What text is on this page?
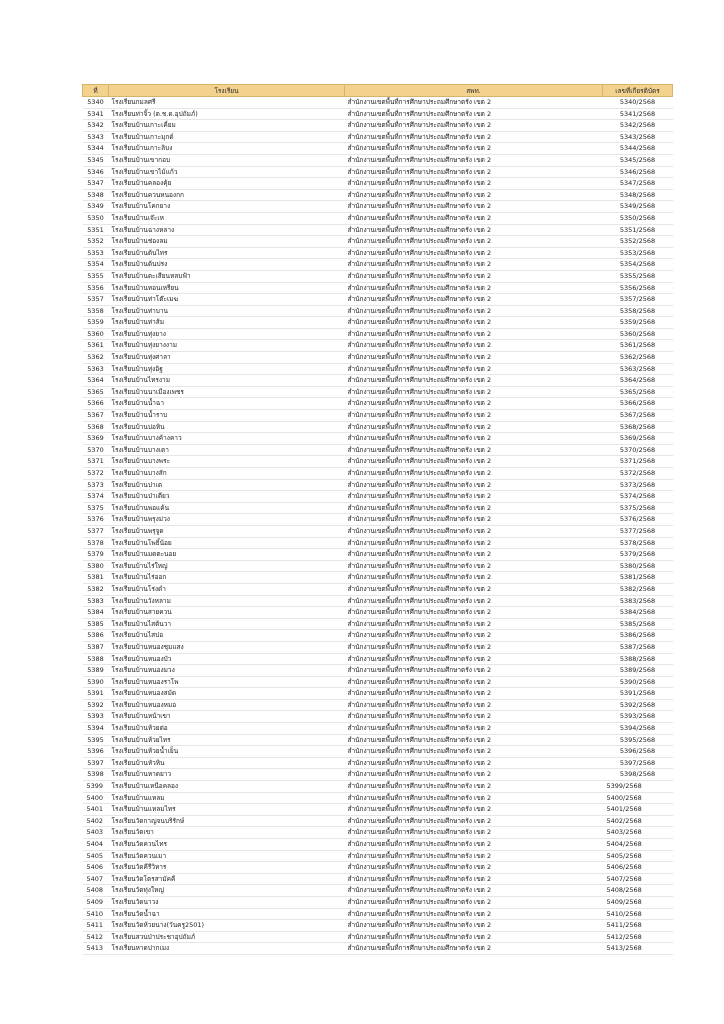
ที่	โรงเรียน	สพท.	เลขที่เกียรติบัตร
5340	โรงเรียนกมลศรี	สำนักงานเขตพื้นที่การศึกษาประถมศึกษาตรัง เขต 2	5340/2568
5341	โรงเรียนท่าจิ้ว (ต.ช.ด.อุปถัมภ์)	สำนักงานเขตพื้นที่การศึกษาประถมศึกษาตรัง เขต 2	5341/2568
5342	โรงเรียนบ้านเกาะเคี่ยม	สำนักงานเขตพื้นที่การศึกษาประถมศึกษาตรัง เขต 2	5342/2568
5343	โรงเรียนบ้านเกาะมุกด์	สำนักงานเขตพื้นที่การศึกษาประถมศึกษาตรัง เขต 2	5343/2568
5344	โรงเรียนบ้านเกาะลิบง	สำนักงานเขตพื้นที่การศึกษาประถมศึกษาตรัง เขต 2	5344/2568
5345	โรงเรียนบ้านเขากอบ	สำนักงานเขตพื้นที่การศึกษาประถมศึกษาตรัง เขต 2	5345/2568
5346	โรงเรียนบ้านเขาไม้แก้ว	สำนักงานเขตพื้นที่การศึกษาประถมศึกษาตรัง เขต 2	5346/2568
5347	โรงเรียนบ้านคลองคุ้ย	สำนักงานเขตพื้นที่การศึกษาประถมศึกษาตรัง เขต 2	5347/2568
5348	โรงเรียนบ้านควนหนองกก	สำนักงานเขตพื้นที่การศึกษาประถมศึกษาตรัง เขต 2	5348/2568
5349	โรงเรียนบ้านโคกยาง	สำนักงานเขตพื้นที่การศึกษาประถมศึกษาตรัง เขต 2	5349/2568
5350	โรงเรียนบ้านเจ๊ะเห	สำนักงานเขตพื้นที่การศึกษาประถมศึกษาตรัง เขต 2	5350/2568
5351	โรงเรียนบ้านฉางหลาง	สำนักงานเขตพื้นที่การศึกษาประถมศึกษาตรัง เขต 2	5351/2568
5352	โรงเรียนบ้านช่องลม	สำนักงานเขตพื้นที่การศึกษาประถมศึกษาตรัง เขต 2	5352/2568
5353	โรงเรียนบ้านต้นไทร	สำนักงานเขตพื้นที่การศึกษาประถมศึกษาตรัง เขต 2	5353/2568
5354	โรงเรียนบ้านต้นปรง	สำนักงานเขตพื้นที่การศึกษาประถมศึกษาตรัง เขต 2	5354/2568
5355	โรงเรียนบ้านตะเสียนหลบฟ้า	สำนักงานเขตพื้นที่การศึกษาประถมศึกษาตรัง เขต 2	5355/2568
5356	โรงเรียนบ้านทอนเหรียน	สำนักงานเขตพื้นที่การศึกษาประถมศึกษาตรัง เขต 2	5356/2568
5357	โรงเรียนบ้านท่าโต๊ะเมฆ	สำนักงานเขตพื้นที่การศึกษาประถมศึกษาตรัง เขต 2	5357/2568
5358	โรงเรียนบ้านท่าบาน	สำนักงานเขตพื้นที่การศึกษาประถมศึกษาตรัง เขต 2	5358/2568
5359	โรงเรียนบ้านท่าส้ม	สำนักงานเขตพื้นที่การศึกษาประถมศึกษาตรัง เขต 2	5359/2568
5360	โรงเรียนบ้านทุ่งยาง	สำนักงานเขตพื้นที่การศึกษาประถมศึกษาตรัง เขต 2	5360/2568
5361	โรงเรียนบ้านทุ่งยางงาม	สำนักงานเขตพื้นที่การศึกษาประถมศึกษาตรัง เขต 2	5361/2568
5362	โรงเรียนบ้านทุ่งศาลา	สำนักงานเขตพื้นที่การศึกษาประถมศึกษาตรัง เขต 2	5362/2568
5363	โรงเรียนบ้านทุ่งอิฐ	สำนักงานเขตพื้นที่การศึกษาประถมศึกษาตรัง เขต 2	5363/2568
5364	โรงเรียนบ้านไทรงาม	สำนักงานเขตพื้นที่การศึกษาประถมศึกษาตรัง เขต 2	5364/2568
5365	โรงเรียนบ้านนาเมืองเพชร	สำนักงานเขตพื้นที่การศึกษาประถมศึกษาตรัง เขต 2	5365/2568
5366	โรงเรียนบ้านน้ำฉา	สำนักงานเขตพื้นที่การศึกษาประถมศึกษาตรัง เขต 2	5366/2568
5367	โรงเรียนบ้านน้ำราบ	สำนักงานเขตพื้นที่การศึกษาประถมศึกษาตรัง เขต 2	5367/2568
5368	โรงเรียนบ้านบ่อหิน	สำนักงานเขตพื้นที่การศึกษาประถมศึกษาตรัง เขต 2	5368/2568
5369	โรงเรียนบ้านบางค้างคาว	สำนักงานเขตพื้นที่การศึกษาประถมศึกษาตรัง เขต 2	5369/2568
5370	โรงเรียนบ้านบางเตา	สำนักงานเขตพื้นที่การศึกษาประถมศึกษาตรัง เขต 2	5370/2568
5371	โรงเรียนบ้านบางพระ	สำนักงานเขตพื้นที่การศึกษาประถมศึกษาตรัง เขต 2	5371/2568
5372	โรงเรียนบ้านบางสัก	สำนักงานเขตพื้นที่การศึกษาประถมศึกษาตรัง เขต 2	5372/2568
5373	โรงเรียนบ้านปาเต	สำนักงานเขตพื้นที่การศึกษาประถมศึกษาตรัง เขต 2	5373/2568
5374	โรงเรียนบ้านป่าเตียว	สำนักงานเขตพื้นที่การศึกษาประถมศึกษาตรัง เขต 2	5374/2568
5375	โรงเรียนบ้านพอแค้น	สำนักงานเขตพื้นที่การศึกษาประถมศึกษาตรัง เขต 2	5375/2568
5376	โรงเรียนบ้านพรุงม่วง	สำนักงานเขตพื้นที่การศึกษาประถมศึกษาตรัง เขต 2	5376/2568
5377	โรงเรียนบ้านพรุจูด	สำนักงานเขตพื้นที่การศึกษาประถมศึกษาตรัง เขต 2	5377/2568
5378	โรงเรียนบ้านโพธิ์น้อย	สำนักงานเขตพื้นที่การศึกษาประถมศึกษาตรัง เขต 2	5378/2568
5379	โรงเรียนบ้านมดตะนอย	สำนักงานเขตพื้นที่การศึกษาประถมศึกษาตรัง เขต 2	5379/2568
5380	โรงเรียนบ้านไร่ใหญ่	สำนักงานเขตพื้นที่การศึกษาประถมศึกษาตรัง เขต 2	5380/2568
5381	โรงเรียนบ้านไร่ออก	สำนักงานเขตพื้นที่การศึกษาประถมศึกษาตรัง เขต 2	5381/2568
5382	โรงเรียนบ้านโร่งดำ	สำนักงานเขตพื้นที่การศึกษาประถมศึกษาตรัง เขต 2	5382/2568
5383	โรงเรียนบ้านวังหลาม	สำนักงานเขตพื้นที่การศึกษาประถมศึกษาตรัง เขต 2	5383/2568
5384	โรงเรียนบ้านสายควน	สำนักงานเขตพื้นที่การศึกษาประถมศึกษาตรัง เขต 2	5384/2568
5385	โรงเรียนบ้านไสต้นวา	สำนักงานเขตพื้นที่การศึกษาประถมศึกษาตรัง เขต 2	5385/2568
5386	โรงเรียนบ้านไสปอ	สำนักงานเขตพื้นที่การศึกษาประถมศึกษาตรัง เขต 2	5386/2568
5387	โรงเรียนบ้านหนองชุมแสง	สำนักงานเขตพื้นที่การศึกษาประถมศึกษาตรัง เขต 2	5387/2568
5388	โรงเรียนบ้านหนองบัว	สำนักงานเขตพื้นที่การศึกษาประถมศึกษาตรัง เขต 2	5388/2568
5389	โรงเรียนบ้านหนองมวง	สำนักงานเขตพื้นที่การศึกษาประถมศึกษาตรัง เขต 2	5389/2568
5390	โรงเรียนบ้านหนองราโพ	สำนักงานเขตพื้นที่การศึกษาประถมศึกษาตรัง เขต 2	5390/2568
5391	โรงเรียนบ้านหนองสมัด	สำนักงานเขตพื้นที่การศึกษาประถมศึกษาตรัง เขต 2	5391/2568
5392	โรงเรียนบ้านหนองหมอ	สำนักงานเขตพื้นที่การศึกษาประถมศึกษาตรัง เขต 2	5392/2568
5393	โรงเรียนบ้านหน้าเขา	สำนักงานเขตพื้นที่การศึกษาประถมศึกษาตรัง เขต 2	5393/2568
5394	โรงเรียนบ้านห้วยต่อ	สำนักงานเขตพื้นที่การศึกษาประถมศึกษาตรัง เขต 2	5394/2568
5395	โรงเรียนบ้านห้วยไทร	สำนักงานเขตพื้นที่การศึกษาประถมศึกษาตรัง เขต 2	5395/2568
5396	โรงเรียนบ้านห้วยน้ำเย็น	สำนักงานเขตพื้นที่การศึกษาประถมศึกษาตรัง เขต 2	5396/2568
5397	โรงเรียนบ้านหัวหิน	สำนักงานเขตพื้นที่การศึกษาประถมศึกษาตรัง เขต 2	5397/2568
5398	โรงเรียนบ้านหาดยาว	สำนักงานเขตพื้นที่การศึกษาประถมศึกษาตรัง เขต 2	5398/2568
5399	โรงเรียนบ้านเหนือคลอง	สำนักงานเขตพื้นที่การศึกษาประถมศึกษาตรัง เขต 2	5399/2568
5400	โรงเรียนบ้านแหลม	สำนักงานเขตพื้นที่การศึกษาประถมศึกษาตรัง เขต 2	5400/2568
5401	โรงเรียนบ้านแหลมไทร	สำนักงานเขตพื้นที่การศึกษาประถมศึกษาตรัง เขต 2	5401/2568
5402	โรงเรียนวัดกาญจนบริรักษ์	สำนักงานเขตพื้นที่การศึกษาประถมศึกษาตรัง เขต 2	5402/2568
5403	โรงเรียนวัดเขา	สำนักงานเขตพื้นที่การศึกษาประถมศึกษาตรัง เขต 2	5403/2568
5404	โรงเรียนวัดควนไทร	สำนักงานเขตพื้นที่การศึกษาประถมศึกษาตรัง เขต 2	5404/2568
5405	โรงเรียนวัดควนเมา	สำนักงานเขตพื้นที่การศึกษาประถมศึกษาตรัง เขต 2	5405/2568
5406	โรงเรียนวัดคีรีวิหาร	สำนักงานเขตพื้นที่การศึกษาประถมศึกษาตรัง เขต 2	5406/2568
5407	โรงเรียนวัดโตรสามัคคี	สำนักงานเขตพื้นที่การศึกษาประถมศึกษาตรัง เขต 2	5407/2568
5408	โรงเรียนวัดทุ่งใหญ่	สำนักงานเขตพื้นที่การศึกษาประถมศึกษาตรัง เขต 2	5408/2568
5409	โรงเรียนวัดนาวง	สำนักงานเขตพื้นที่การศึกษาประถมศึกษาตรัง เขต 2	5409/2568
5410	โรงเรียนวัดน้ำฉา	สำนักงานเขตพื้นที่การศึกษาประถมศึกษาตรัง เขต 2	5410/2568
5411	โรงเรียนวัดห้วยนาง(วันครู2501)	สำนักงานเขตพื้นที่การศึกษาประถมศึกษาตรัง เขต 2	5411/2568
5412	โรงเรียนสวนป่าประชาอุปถัมภ์	สำนักงานเขตพื้นที่การศึกษาประถมศึกษาตรัง เขต 2	5412/2568
5413	โรงเรียนหาดปากเมง	สำนักงานเขตพื้นที่การศึกษาประถมศึกษาตรัง เขต 2	5413/2568
